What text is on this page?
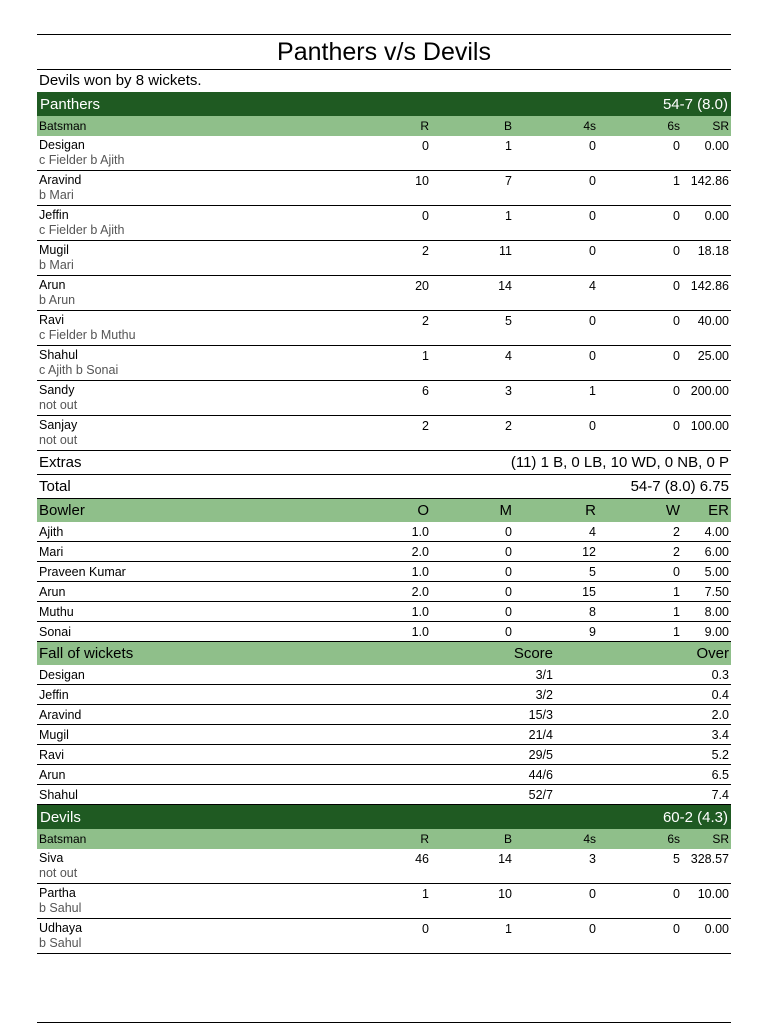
Panthers v/s Devils
Devils won by 8 wickets.
Panthers	54-7 (8.0)
Batsman	R	B	4s	6s	SR
Desigan
c Fielder b Ajith
0	1	0	0	0.00
Aravind
b Mari
10	7	0	1 142.86
Jeffin
c Fielder b Ajith
0	1	0	0	0.00
Mugil
b Mari
2	11	0	0	18.18
Arun
b Arun
20	14	4	0 142.86
Ravi
c Fielder b Muthu
2	5	0	0	40.00
Shahul
c Ajith b Sonai
1	4	0	0	25.00
Sandy
not out
6	3	1	0 200.00
Sanjay
not out
2	2	0	0 100.00
Extras	(11) 1 B, 0 LB, 10 WD, 0 NB, 0 P
Total	54-7 (8.0) 6.75
Bowler	O	M	R	W	ER
Ajith	1.0	0	4	2	4.00
Mari	2.0	0	12	2	6.00
Praveen Kumar	1.0	0	5	0	5.00
Arun	2.0	0	15	1	7.50
Muthu	1.0	0	8	1	8.00
Sonai	1.0	0	9	1	9.00
Fall of wickets	Score	Over
Desigan	3/1	0.3
Jeffin	3/2	0.4
Aravind	15/3	2.0
Mugil	21/4	3.4
Ravi	29/5	5.2
Arun	44/6	6.5
Shahul	52/7	7.4
Devils	60-2 (4.3)
Batsman	R	B	4s	6s	SR
Siva
not out
46	14	3	5 328.57
Partha
b Sahul
1	10	0	0	10.00
Udhaya
b Sahul
0	1	0	0	0.00
